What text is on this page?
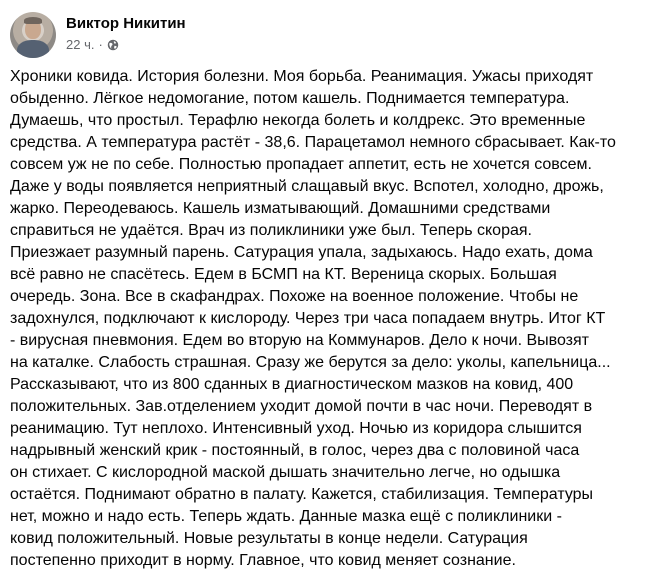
Виктор Никитин
22 ч. ·

Хроники ковида. История болезни. Моя борьба. Реанимация. Ужасы приходят

обыденно. Лёгкое недомогание, потом кашель. Поднимается температура.

Думаешь, что простыл. Терафлю некогда болеть и колдрекс. Это временные

средства. А температура растёт - 38,6. Парацетамол немного сбрасывает. Как-то

совсем уж не по себе. Полностью пропадает аппетит, есть не хочется совсем.

Даже у воды появляется неприятный слащавый вкус. Вспотел, холодно, дрожь,

жарко. Переодеваюсь. Кашель изматывающий. Домашними средствами

справиться не удаётся. Врач из поликлиники уже был. Теперь скорая.

Приезжает разумный парень. Сатурация упала, задыхаюсь. Надо ехать, дома

всё равно не спасётесь. Едем в БСМП на КТ. Вереница скорых. Большая

очередь. Зона. Все в скафандрах. Похоже на военное положение. Чтобы не

задохнулся, подключают к кислороду. Через три часа попадаем внутрь. Итог КТ

- вирусная пневмония. Едем во вторую на Коммунаров. Дело к ночи. Вывозят

на каталке. Слабость страшная. Сразу же берутся за дело: уколы, капельница...

Рассказывают, что из 800 сданных в диагностическом мазков на ковид, 400

положительных. Зав.отделением уходит домой почти в час ночи. Переводят в

реанимацию. Тут неплохо. Интенсивный уход. Ночью из коридора слышится

надрывный женский крик - постоянный, в голос, через два с половиной часа

он стихает. С кислородной маской дышать значительно легче, но одышка

остаётся. Поднимают обратно в палату. Кажется, стабилизация. Температуры

нет, можно и надо есть. Теперь ждать. Данные мазка ещё с поликлиники -

ковид положительный. Новые результаты в конце недели. Сатурация

постепенно приходит в норму. Главное, что ковид меняет сознание.
